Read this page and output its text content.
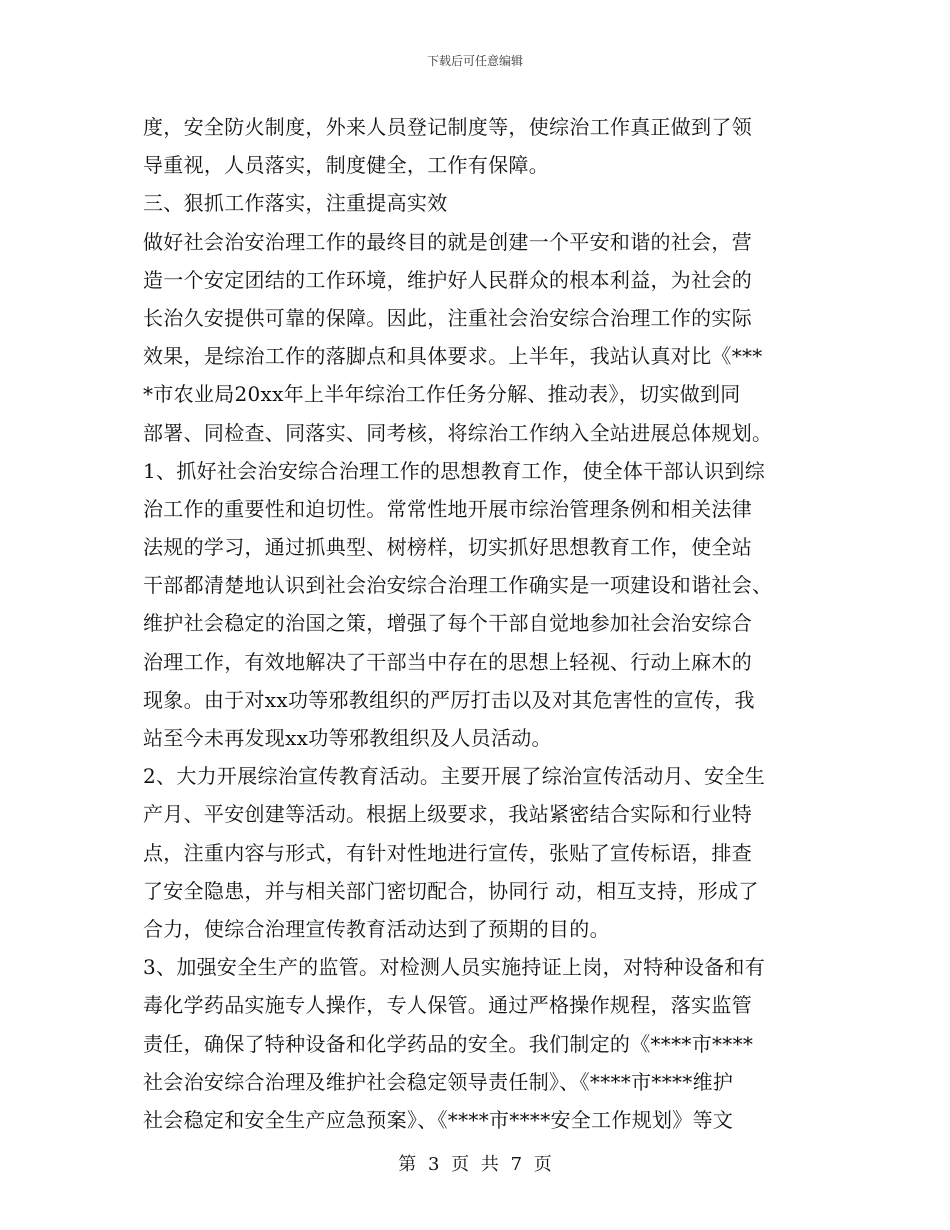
下载后可任意编辑
度，安全防火制度，外来人员登记制度等，使综治工作真正做到了领
导重视，人员落实，制度健全，工作有保障。
三、狠抓工作落实，注重提高实效
做好社会治安治理工作的最终目的就是创建一个平安和谐的社会，营
造一个安定团结的工作环境，维护好人民群众的根本利益，为社会的
长治久安提供可靠的保障。因此，注重社会治安综合治理工作的实际
效果，是综治工作的落脚点和具体要求。上半年，我站认真对比《***
*市农业局20xx年上半年综治工作任务分解、推动表》，切实做到同
部署、同检查、同落实、同考核，将综治工作纳入全站进展总体规划。
1、抓好社会治安综合治理工作的思想教育工作，使全体干部认识到综
治工作的重要性和迫切性。常常性地开展市综治管理条例和相关法律
法规的学习，通过抓典型、树榜样，切实抓好思想教育工作，使全站
干部都清楚地认识到社会治安综合治理工作确实是一项建设和谐社会、
维护社会稳定的治国之策，增强了每个干部自觉地参加社会治安综合
治理工作，有效地解决了干部当中存在的思想上轻视、行动上麻木的
现象。由于对xx功等邪教组织的严厉打击以及对其危害性的宣传，我
站至今未再发现xx功等邪教组织及人员活动。
2、大力开展综治宣传教育活动。主要开展了综治宣传活动月、安全生
产月、平安创建等活动。根据上级要求，我站紧密结合实际和行业特
点，注重内容与形式，有针对性地进行宣传，张贴了宣传标语，排查
了安全隐患，并与相关部门密切配合，协同行 动，相互支持，形成了
合力，使综合治理宣传教育活动达到了预期的目的。
3、加强安全生产的监管。对检测人员实施持证上岗，对特种设备和有
毒化学药品实施专人操作，专人保管。通过严格操作规程，落实监管
责任，确保了特种设备和化学药品的安全。我们制定的《****市****
社会治安综合治理及维护社会稳定领导责任制》、《****市****维护
社会稳定和安全生产应急预案》、《****市****安全工作规划》等文
第 3 页 共 7 页
